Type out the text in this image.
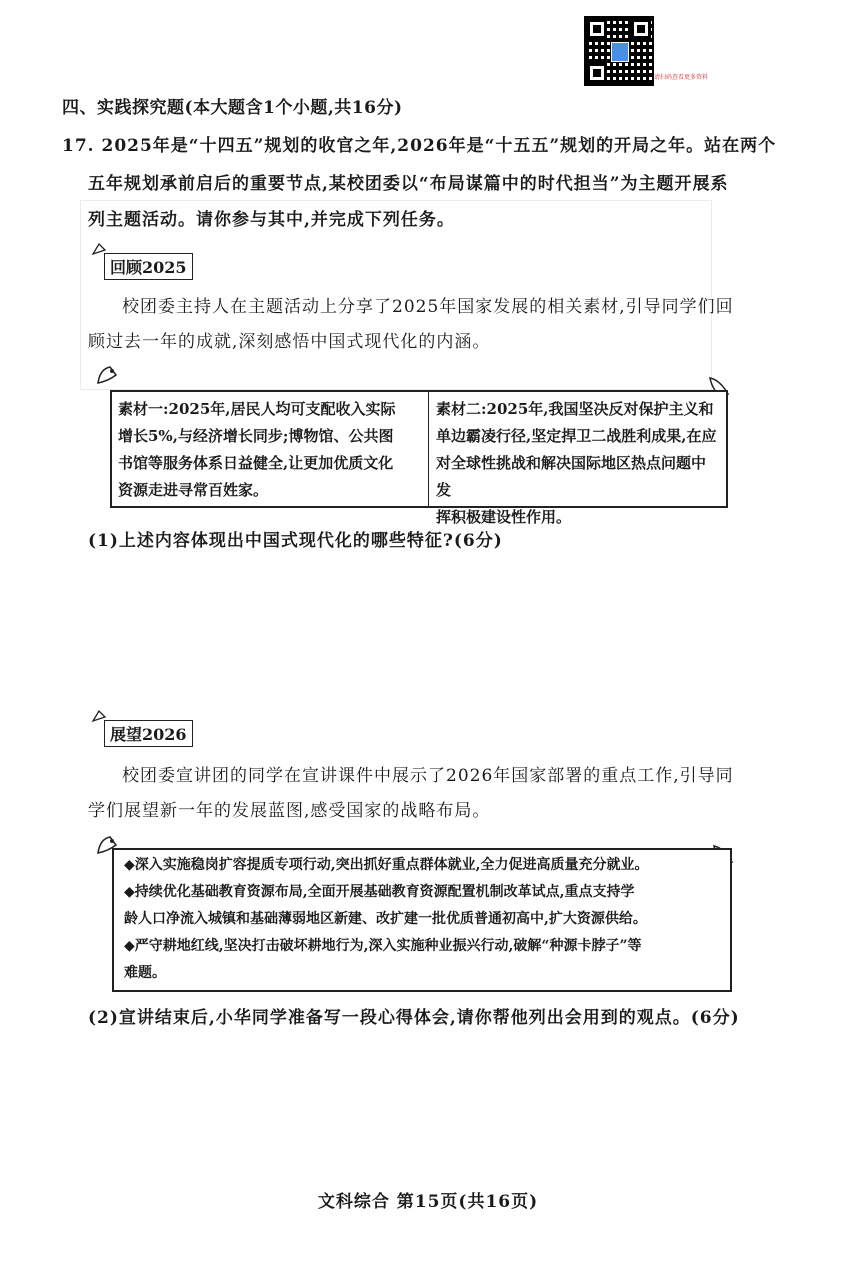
请扫码查看更多资料
四、实践探究题(本大题含1个小题,共16分)
17. 2025年是“十四五”规划的收官之年,2026年是“十五五”规划的开局之年。站在两个
五年规划承前启后的重要节点,某校团委以“布局谋篇中的时代担当”为主题开展系
列主题活动。请你参与其中,并完成下列任务。
回顾2025
校团委主持人在主题活动上分享了2025年国家发展的相关素材,引导同学们回
顾过去一年的成就,深刻感悟中国式现代化的内涵。
素材一:2025年,居民人均可支配收入实际
增长5%,与经济增长同步;博物馆、公共图
书馆等服务体系日益健全,让更加优质文化
资源走进寻常百姓家。
素材二:2025年,我国坚决反对保护主义和
单边霸凌行径,坚定捍卫二战胜利成果,在应
对全球性挑战和解决国际地区热点问题中发
挥积极建设性作用。
(1)上述内容体现出中国式现代化的哪些特征?(6分)
展望2026
校团委宣讲团的同学在宣讲课件中展示了2026年国家部署的重点工作,引导同
学们展望新一年的发展蓝图,感受国家的战略布局。
◆深入实施稳岗扩容提质专项行动,突出抓好重点群体就业,全力促进高质量充分就业。
◆持续优化基础教育资源布局,全面开展基础教育资源配置机制改革试点,重点支持学
龄人口净流入城镇和基础薄弱地区新建、改扩建一批优质普通初高中,扩大资源供给。
◆严守耕地红线,坚决打击破坏耕地行为,深入实施种业振兴行动,破解“种源卡脖子”等
难题。
(2)宣讲结束后,小华同学准备写一段心得体会,请你帮他列出会用到的观点。(6分)
文科综合 第15页(共16页)
